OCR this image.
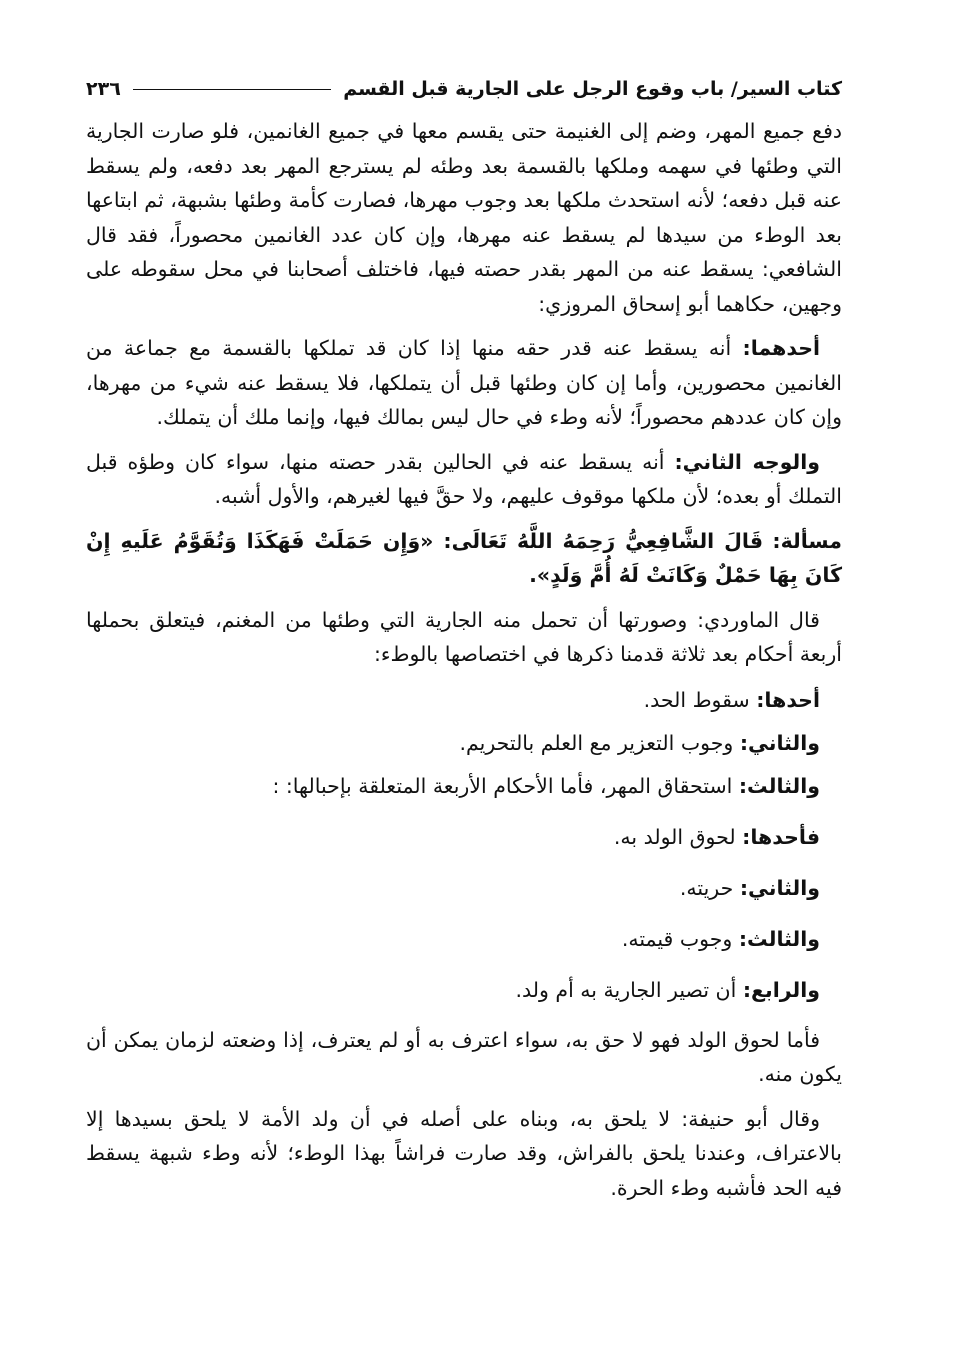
كتاب السير/ باب وقوع الرجل على الجارية قبل القسم
٢٣٦

دفع جميع المهر، وضم إلى الغنيمة حتى يقسم معها في جميع الغانمين، فلو صارت الجارية التي وطئها في سهمه وملكها بالقسمة بعد وطئه لم يسترجع المهر بعد دفعه، ولم يسقط عنه قبل دفعه؛ لأنه استحدث ملكها بعد وجوب مهرها، فصارت كأمة وطئها بشبهة، ثم ابتاعها بعد الوطء من سيدها لم يسقط عنه مهرها، وإن كان عدد الغانمين محصوراً، فقد قال الشافعي: يسقط عنه من المهر بقدر حصته فيها، فاختلف أصحابنا في محل سقوطه على وجهين، حكاهما أبو إسحاق المروزي:

أحدهما: أنه يسقط عنه قدر حقه منها إذا كان قد تملكها بالقسمة مع جماعة من الغانمين محصورين، وأما إن كان وطئها قبل أن يتملكها، فلا يسقط عنه شيء من مهرها، وإن كان عددهم محصوراً؛ لأنه وطء في حال ليس بمالك فيها، وإنما ملك أن يتملك.

والوجه الثاني: أنه يسقط عنه في الحالين بقدر حصته منها، سواء كان وطؤه قبل التملك أو بعده؛ لأن ملكها موقوف عليهم، ولا حقَّ فيها لغيرهم، والأول أشبه.

مسألة: قَالَ الشَّافِعِيُّ رَحِمَهُ اللَّهُ تَعَالَى: «وَإِن حَمَلَتْ فَهَكَذَا وَتُقَوَّمُ عَلَيهِ إِنْ كَانَ بِهَا حَمْلٌ وَكَانَتْ لَهُ أُمَّ وَلَدٍ».

قال الماوردي: وصورتها أن تحمل منه الجارية التي وطئها من المغنم، فيتعلق بحملها أربعة أحكام بعد ثلاثة قدمنا ذكرها في اختصاصها بالوطء:

أحدها: سقوط الحد.
والثاني: وجوب التعزير مع العلم بالتحريم.
والثالث: استحقاق المهر، فأما الأحكام الأربعة المتعلقة بإحبالها: :
فأحدها: لحوق الولد به.
والثاني: حريته.
والثالث: وجوب قيمته.
والرابع: أن تصير الجارية به أم ولد.

فأما لحوق الولد فهو لا حق به، سواء اعترف به أو لم يعترف، إذا وضعته لزمان يمكن أن يكون منه.

وقال أبو حنيفة: لا يلحق به، وبناه على أصله في أن ولد الأمة لا يلحق بسيدها إلا بالاعتراف، وعندنا يلحق بالفراش، وقد صارت فراشاً بهذا الوطء؛ لأنه وطء شبهة يسقط فيه الحد فأشبه وطء الحرة.
